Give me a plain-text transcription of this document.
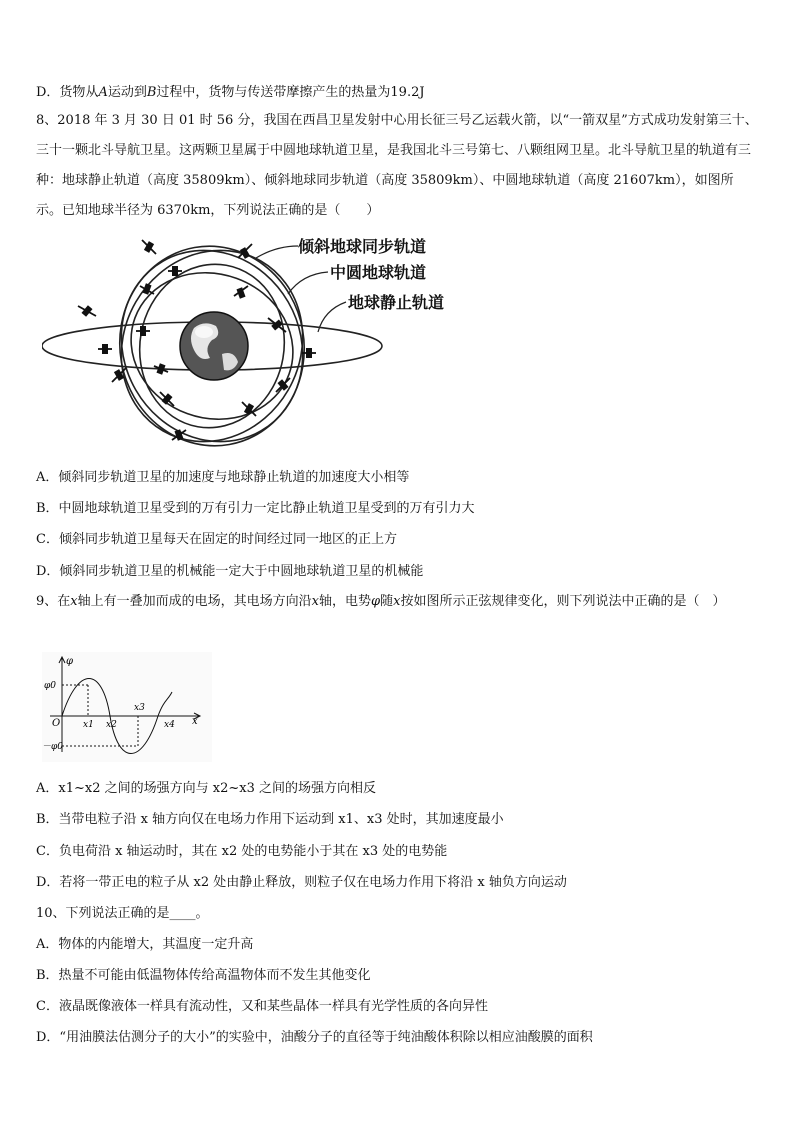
D．货物从A运动到B过程中，货物与传送带摩擦产生的热量为19.2J
8、2018 年 3 月 30 日 01 时 56 分，我国在西昌卫星发射中心用长征三号乙运载火箭，以“一箭双星”方式成功发射第三十、三十一颗北斗导航卫星。这两颗卫星属于中圆地球轨道卫星，是我国北斗三号第七、八颗组网卫星。北斗导航卫星的轨道有三种：地球静止轨道（高度 35809km）、倾斜地球同步轨道（高度 35809km）、中圆地球轨道（高度 21607km），如图所示。已知地球半径为 6370km，下列说法正确的是（　　）
倾斜地球同步轨道
中圆地球轨道
地球静止轨道
A．倾斜同步轨道卫星的加速度与地球静止轨道的加速度大小相等
B．中圆地球轨道卫星受到的万有引力一定比静止轨道卫星受到的万有引力大
C．倾斜同步轨道卫星每天在固定的时间经过同一地区的正上方
D．倾斜同步轨道卫星的机械能一定大于中圆地球轨道卫星的机械能
9、在x轴上有一叠加而成的电场，其电场方向沿x轴，电势φ随x按如图所示正弦规律变化，则下列说法中正确的是（　）
φ
φ0
－φ0
O	x1 x2
x3
x4 x
A．x1~x2 之间的场强方向与 x2~x3 之间的场强方向相反
B．当带电粒子沿 x 轴方向仅在电场力作用下运动到 x1、x3 处时，其加速度最小
C．负电荷沿 x 轴运动时，其在 x2 处的电势能小于其在 x3 处的电势能
D．若将一带正电的粒子从 x2 处由静止释放，则粒子仅在电场力作用下将沿 x 轴负方向运动
10、下列说法正确的是____。
A．物体的内能增大，其温度一定升高
B．热量不可能由低温物体传给高温物体而不发生其他变化
C．液晶既像液体一样具有流动性，又和某些晶体一样具有光学性质的各向异性
D．“用油膜法估测分子的大小”的实验中，油酸分子的直径等于纯油酸体积除以相应油酸膜的面积
